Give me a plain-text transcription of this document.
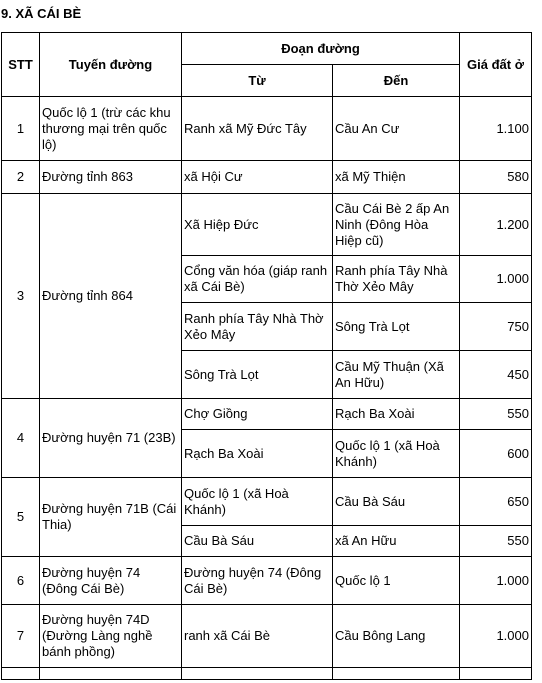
9. XÃ CÁI BÈ
STT	Tuyến đường	Đoạn đường		Giá đất ở
		Từ	Đến	
1	Quốc lộ 1 (trừ các khu thương mại trên quốc lộ)	Ranh xã Mỹ Đức Tây	Cầu An Cư	1.100
2	Đường tỉnh 863	xã Hội Cư	xã Mỹ Thiện	580
3	Đường tỉnh 864	Xã Hiệp Đức	Cầu Cái Bè 2 ấp An Ninh (Đông Hòa Hiệp cũ)	1.200
		Cổng văn hóa (giáp ranh xã Cái Bè)	Ranh phía Tây Nhà Thờ Xẻo Mây	1.000
		Ranh phía Tây Nhà Thờ Xẻo Mây	Sông Trà Lọt	750
		Sông Trà Lọt	Cầu Mỹ Thuận (Xã An Hữu)	450
4	Đường huyện 71 (23B)	Chợ Giồng	Rạch Ba Xoài	550
		Rạch Ba Xoài	Quốc lộ 1 (xã Hoà Khánh)	600
5	Đường huyện 71B (Cái Thia)	Quốc lộ 1 (xã Hoà Khánh)	Cầu Bà Sáu	650
		Cầu Bà Sáu	xã An Hữu	550
6	Đường huyện 74 (Đông Cái Bè)	Đường huyện 74 (Đông Cái Bè)	Quốc lộ 1	1.000
7	Đường huyện 74D (Đường Làng nghề bánh phồng)	ranh xã Cái Bè	Cầu Bông Lang	1.000
